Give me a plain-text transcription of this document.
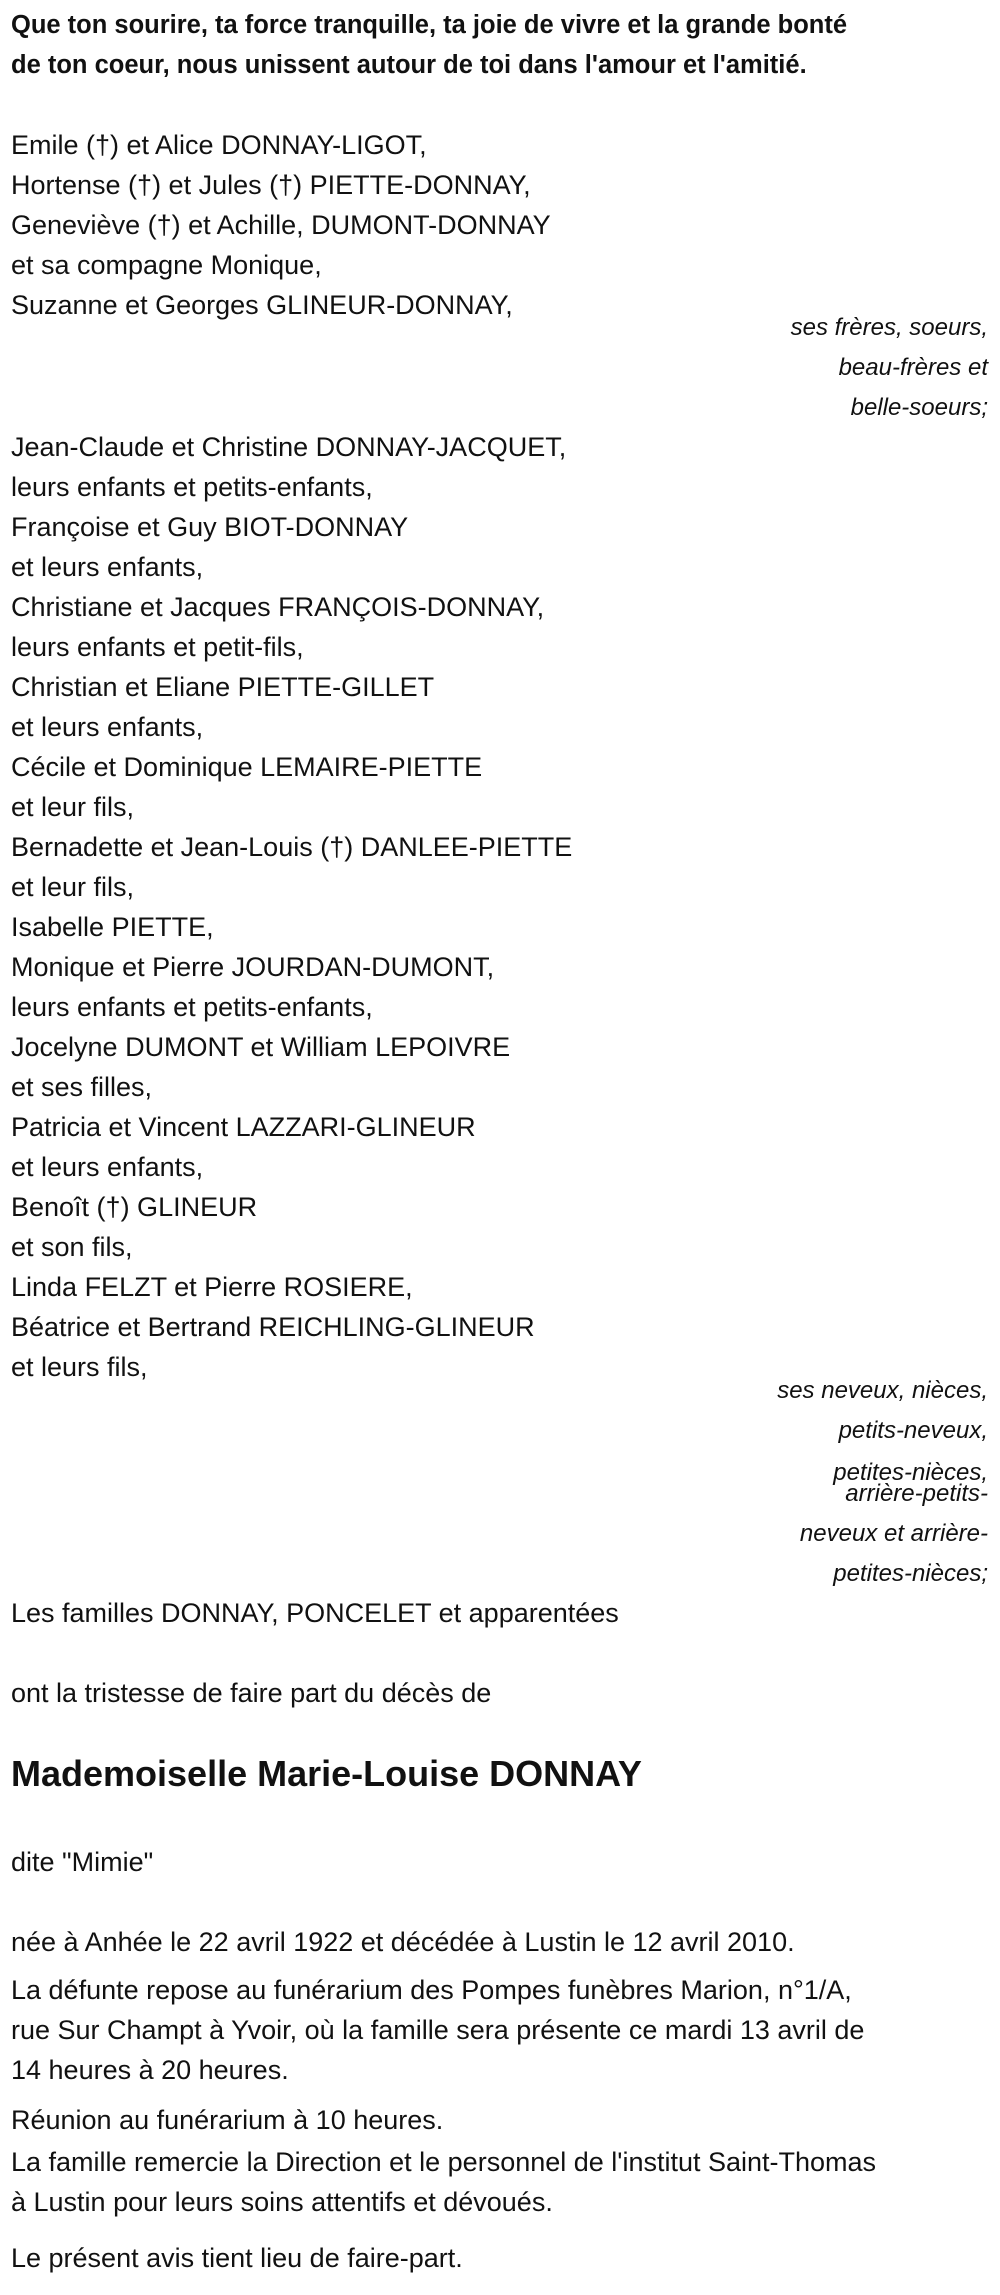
Que ton sourire, ta force tranquille, ta joie de vivre et la grande bonté
de ton coeur, nous unissent autour de toi dans l'amour et l'amitié.
Emile (†) et Alice DONNAY-LIGOT,
Hortense (†) et Jules (†) PIETTE-DONNAY,
Geneviève (†) et Achille, DUMONT-DONNAY
et sa compagne Monique,
Suzanne et Georges GLINEUR-DONNAY,
ses frères, soeurs,
beau-frères et
belle-soeurs;
Jean-Claude et Christine DONNAY-JACQUET,
leurs enfants et petits-enfants,
Françoise et Guy BIOT-DONNAY
et leurs enfants,
Christiane et Jacques FRANÇOIS-DONNAY,
leurs enfants et petit-fils,
Christian et Eliane PIETTE-GILLET
et leurs enfants,
Cécile et Dominique LEMAIRE-PIETTE
et leur fils,
Bernadette et Jean-Louis (†) DANLEE-PIETTE
et leur fils,
Isabelle PIETTE,
Monique et Pierre JOURDAN-DUMONT,
leurs enfants et petits-enfants,
Jocelyne DUMONT et William LEPOIVRE
et ses filles,
Patricia et Vincent LAZZARI-GLINEUR
et leurs enfants,
Benoît (†) GLINEUR
et son fils,
Linda FELZT et Pierre ROSIERE,
Béatrice et Bertrand REICHLING-GLINEUR
et leurs fils,
ses neveux, nièces,
petits-neveux,
petites-nièces,
arrière-petits-
neveux et arrière-
petites-nièces;
Les familles DONNAY, PONCELET et apparentées
ont la tristesse de faire part du décès de
Mademoiselle Marie-Louise DONNAY
dite "Mimie"
née à Anhée le 22 avril 1922 et décédée à Lustin le 12 avril 2010.
La défunte repose au funérarium des Pompes funèbres Marion, n°1/A,
rue Sur Champt à Yvoir, où la famille sera présente ce mardi 13 avril de
14 heures à 20 heures.
Réunion au funérarium à 10 heures.
La famille remercie la Direction et le personnel de l'institut Saint-Thomas
à Lustin pour leurs soins attentifs et dévoués.
Le présent avis tient lieu de faire-part.
